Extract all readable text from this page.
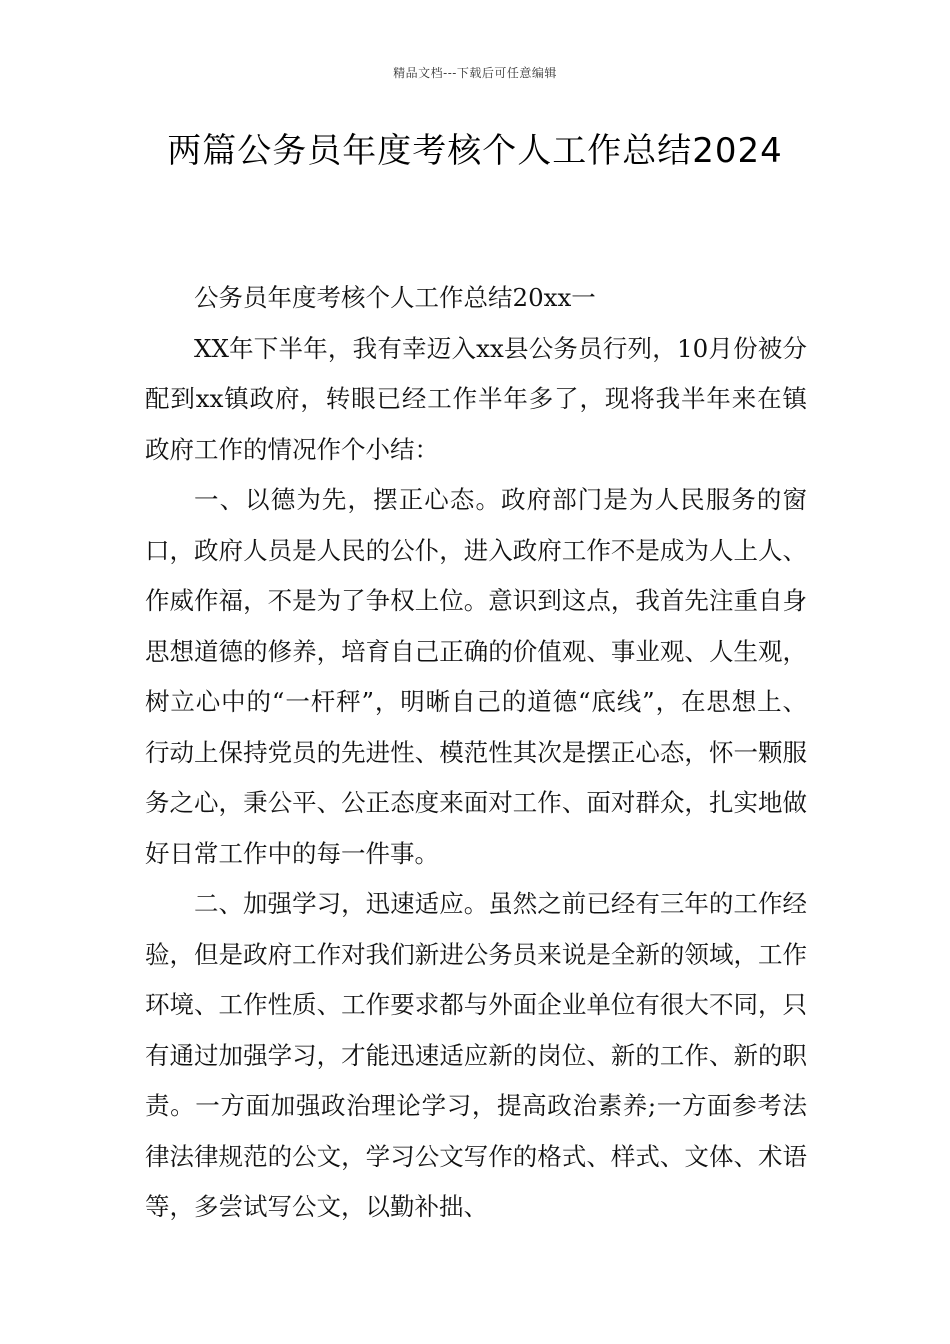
精品文档---下载后可任意编辑
两篇公务员年度考核个人工作总结2024

公务员年度考核个人工作总结20xx一

XX年下半年，我有幸迈入xx县公务员行列，10月份被分配到xx镇政府，转眼已经工作半年多了，现将我半年来在镇政府工作的情况作个小结：

一、以德为先，摆正心态。政府部门是为人民服务的窗口，政府人员是人民的公仆，进入政府工作不是成为人上人、作威作福，不是为了争权上位。意识到这点，我首先注重自身思想道德的修养，培育自己正确的价值观、事业观、人生观，树立心中的“一杆秤”，明晰自己的道德“底线”，在思想上、行动上保持党员的先进性、模范性其次是摆正心态，怀一颗服务之心，秉公平、公正态度来面对工作、面对群众，扎实地做好日常工作中的每一件事。

二、加强学习，迅速适应。虽然之前已经有三年的工作经验，但是政府工作对我们新进公务员来说是全新的领域，工作环境、工作性质、工作要求都与外面企业单位有很大不同，只有通过加强学习，才能迅速适应新的岗位、新的工作、新的职责。一方面加强政治理论学习，提高政治素养;一方面参考法律法律规范的公文，学习公文写作的格式、样式、文体、术语等，多尝试写公文，以勤补拙、
